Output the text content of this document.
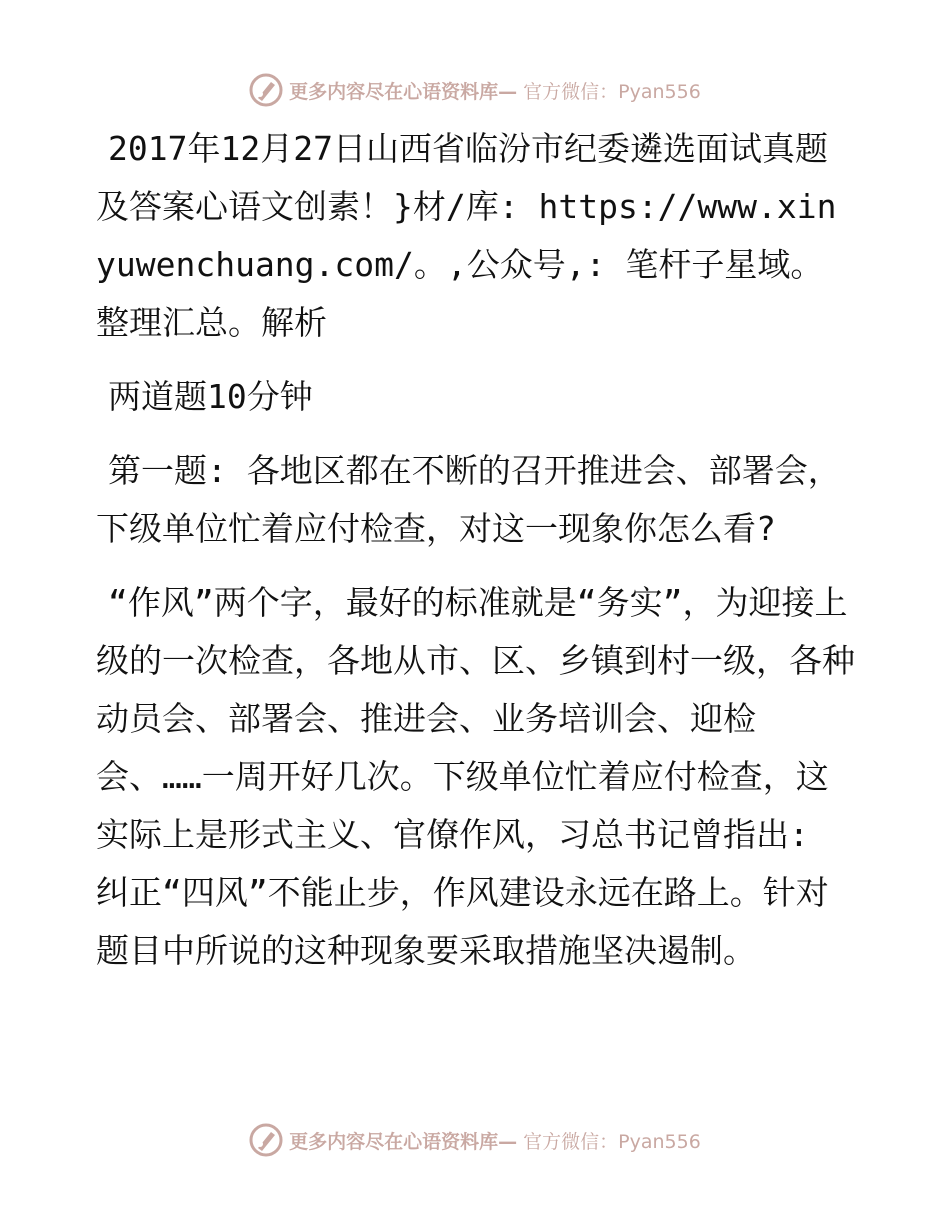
更多内容尽在心语资料库— 官方微信：Pyan556

2017年12月27日山西省临汾市纪委遴选面试真题及答案心语文创素！}材/库: https://www.xinyuwenchuang.com/。,公众号,: 笔杆子星域。整理汇总。解析

两道题10分钟

第一题: 各地区都在不断的召开推进会、部署会，下级单位忙着应付检查，对这一现象你怎么看?

“作风”两个字，最好的标准就是“务实”，为迎接上级的一次检查，各地从市、区、乡镇到村一级，各种动员会、部署会、推进会、业务培训会、迎检会、……一周开好几次。下级单位忙着应付检查，这实际上是形式主义、官僚作风，习总书记曾指出: 纠正“四风”不能止步，作风建设永远在路上。针对题目中所说的这种现象要采取措施坚决遏制。

更多内容尽在心语资料库— 官方微信：Pyan556
